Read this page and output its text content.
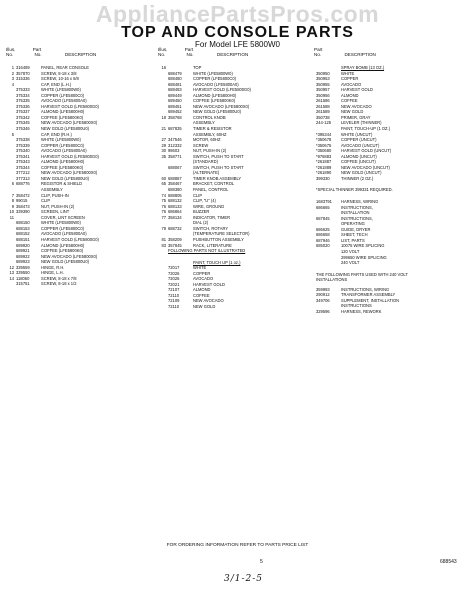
AppliancePartsPros.com
TOP AND CONSOLE PARTS
For Model LFE 5800W0
Illus.	Part
No.	No.	DESCRIPTION
Illus.	Part
No.	No.	DESCRIPTION
Part
No.	DESCRIPTION
1 316489	PANEL, REAR CONSOLE
2 357870	SCREW, 8-18 x 3/8
3 315336	SCREW, 10-16 x 5/8
4	CAP, END (L.H.)
375333	WHITE (LFE5800W0)
375334	COPPER (LFE5800C0)
375335	AVOCADO (LFE5800A0)
375336	HARVEST GOLD (LFE5800G0)
375337	ALMOND (LFE5800H0)
375342	COFFEE (LFE5800K0)
375345	NEW AVOCADO (LFE5800X0)
375346	NEW GOLD (LFE5800U0)
5	CAP, END (R.H.)
375338	WHITE (LFE5800W0)
375339	COPPER (LFE5800C0)
375340	AVOCADO (LFE5800A0)
375341	HARVEST GOLD (LFE5800G0)
375343	ALMOND (LFE5800H0)
375344	COFFEE (LFE5800K0)
377212	NEW AVOCADO (LFE5800X0)
377313	NEW GOLD (LFE5800U0)
6 688776	REGISTOR & SHIELD
ASSEMBLY
7 358472	CLIP, PUSH-IN
8 99015	CLIP
9 358473	NUT, PUSH-IN (2)
10 339390	SCREEN, LINT
11	COVER, LINT SCREEN
688150	WHITE (LFE5800W0)
688153	COPPER (LFE5800C0)
688152	AVOCADO (LFE5800A0)
688151	HARVEST GOLD (LFE5800G0)
689920	ALMOND (LFE5800H0)
689921	COFFEE (LFE5800K0)
689922	NEW AVOCADO (LFE5800X0)
689923	NEW GOLD (LFE5800U0)
12 339559	HINGE, R.H.
13 339550	HINGE, L.H.
14 118060	SCREW, 8-18 x 7/8
315751	SCREW, 8-18 x 1/2
16	TOP
688479	WHITE (LFE5800W0)
688480	COPPER (LFE5800C0)
688481	AVOCADO (LFE5800A0)
688483	HARVEST GOLD (LFE5800G0)
689449	ALMOND (LFE5800H0)
689450	COFFEE (LFE5800K0)
689451	NEW AVOCADO (LFE5800X0)
689452	NEW GOLD (LFE5800U0)
18 358768	CONTROL KNOB
ASSEMBLY
21 687835	TIMER & RESISTOR
ASSEMBLY, 60HZ
27 347546	MOTOR, 60HZ
29 312332	SCREW
30 98603	NUT, PUSH-IN (2)
35 358771	SWITCH, PUSH TO START
(STANDARD)
688067	SWITCH, PUSH TO START
(ALTERNATE)
60 688887	TIMER KNOB ASSEMBLY
65 358467	BRACKET, CONTROL
688380	PANEL, CONTROL
74 688805	CLIP
75 688132	CLIP, "U" (4)
76 688133	WIRE, GROUND
76 686864	BUZZER
77 358134	INDICATOR, TIMER
DIAL (2)
79 688732	SWITCH, ROTARY
(TEMPERATURE SELECTOR)
81 358209	PUSHBUTTON ASSEMBLY
83 357845	RACK, LITERATURE
FOLLOWING PARTS NOT ILLUSTRATED
PAINT, TOUCH UP (1 oz.)
72017	WHITE
72026	COPPER
72025	AVOCADO
72021	HARVEST GOLD
72107	ALMOND
72110	COFFEE
72109	NEW AVOCADO
72110	NEW GOLD
SPRAY BOMB (13 OZ.)
350950	WHITE
350953	COPPER
350955	AVOCADO
350957	HARVEST GOLD
350956	ALMOND
261586	COFFEE
261588	NEW AVOCADO
261589	NEW GOLD
350738	PRIMER, GRAY
244-125	LEVELER (THINNER)
PAINT, TOUCH-UP (1 OZ.)
*395344	WHITE (UNCUT)
*350678	COPPER (UNCUT)
*350675	AVOCADO (UNCUT)
*350680	HARVEST GOLD (UNCUT)
*976883	ALMOND (UNCUT)
*261887	COFFEE (UNCUT)
*261889	NEW AVOCADO (UNCUT)
*261890	NEW GOLD (UNCUT)
399330	THINNER (2 OZ.)
*SPECIAL THINNER 399331 REQUIRED.
1683791	HARNESS, WIRING
686665	INSTRUCTIONS,
INSTALLATION
687845	INSTRUCTIONS,
OPERATING
686625	GUIDE, DRYER
686658	SHEET, TECH
687946	LIST, PARTS
685020	10075 WIRE SPLICING
120 VOLT
299650 WIRE SPLICING
240 VOLT
THE FOLLOWING PARTS USED WITH 240 VOLT INSTALLATIONS
359993	INSTRUCTIONS, WIRING
290912	TRANSFORMER ASSEMBLY
349706	SUPPLEMENT, INSTALLATION
INSTRUCTIONS
329596	HARNESS, REWORK
FOR ORDERING INFORMATION REFER TO PARTS PRICE LIST
5	688543
3/1-2-5
